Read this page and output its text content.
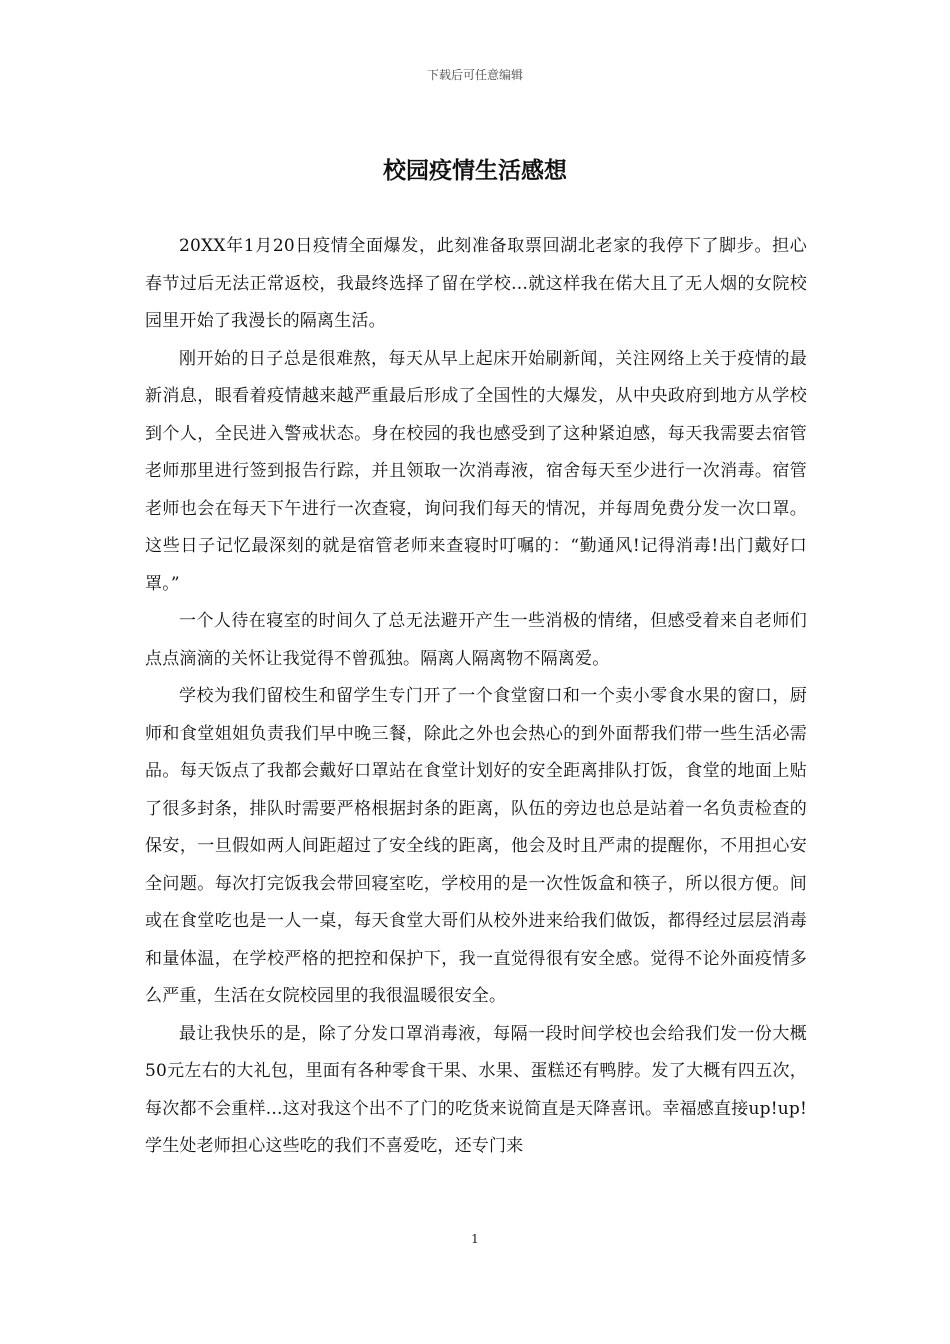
下载后可任意编辑
校园疫情生活感想

20XX年1月20日疫情全面爆发，此刻准备取票回湖北老家的我停下了脚步。担心春节过后无法正常返校，我最终选择了留在学校...就这样我在偌大且了无人烟的女院校园里开始了我漫长的隔离生活。

刚开始的日子总是很难熬，每天从早上起床开始刷新闻，关注网络上关于疫情的最新消息，眼看着疫情越来越严重最后形成了全国性的大爆发，从中央政府到地方从学校到个人，全民进入警戒状态。身在校园的我也感受到了这种紧迫感，每天我需要去宿管老师那里进行签到报告行踪，并且领取一次消毒液，宿舍每天至少进行一次消毒。宿管老师也会在每天下午进行一次查寝，询问我们每天的情况，并每周免费分发一次口罩。这些日子记忆最深刻的就是宿管老师来查寝时叮嘱的：“勤通风!记得消毒!出门戴好口罩。”

一个人待在寝室的时间久了总无法避开产生一些消极的情绪，但感受着来自老师们点点滴滴的关怀让我觉得不曾孤独。隔离人隔离物不隔离爱。

学校为我们留校生和留学生专门开了一个食堂窗口和一个卖小零食水果的窗口，厨师和食堂姐姐负责我们早中晚三餐，除此之外也会热心的到外面帮我们带一些生活必需品。每天饭点了我都会戴好口罩站在食堂计划好的安全距离排队打饭，食堂的地面上贴了很多封条，排队时需要严格根据封条的距离，队伍的旁边也总是站着一名负责检查的保安，一旦假如两人间距超过了安全线的距离，他会及时且严肃的提醒你，不用担心安全问题。每次打完饭我会带回寝室吃，学校用的是一次性饭盒和筷子，所以很方便。间或在食堂吃也是一人一桌，每天食堂大哥们从校外进来给我们做饭，都得经过层层消毒和量体温，在学校严格的把控和保护下，我一直觉得很有安全感。觉得不论外面疫情多么严重，生活在女院校园里的我很温暖很安全。

最让我快乐的是，除了分发口罩消毒液，每隔一段时间学校也会给我们发一份大概50元左右的大礼包，里面有各种零食干果、水果、蛋糕还有鸭脖。发了大概有四五次，每次都不会重样...这对我这个出不了门的吃货来说简直是天降喜讯。幸福感直接up!up!学生处老师担心这些吃的我们不喜爱吃，还专门来

1
